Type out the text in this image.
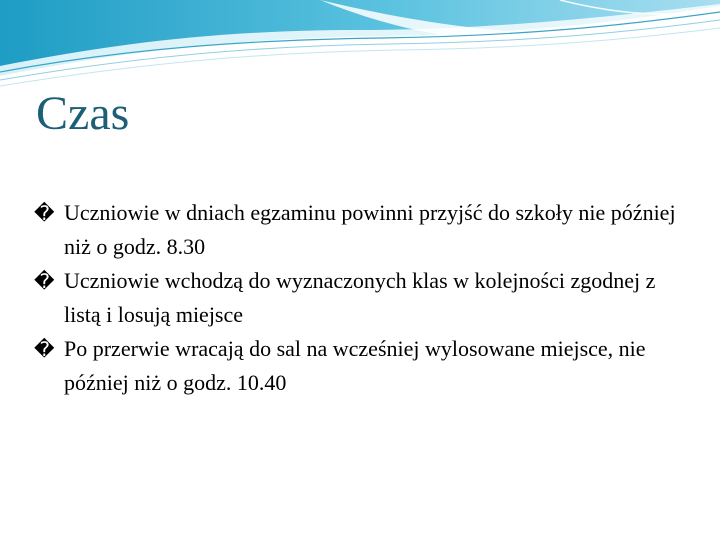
Czas
� Uczniowie w dniach egzaminu powinni przyjść do szkoły nie później niż o godz. 8.30
� Uczniowie wchodzą do wyznaczonych klas w kolejności zgodnej z listą i losują miejsce
� Po przerwie wracają do sal na wcześniej wylosowane miejsce, nie później niż o godz. 10.40
